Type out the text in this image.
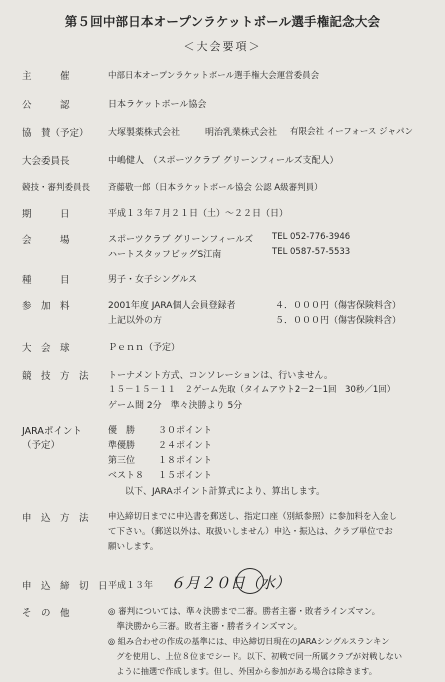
第５回中部日本オープンラケットボール選手権記念大会
＜大会要項＞
主　　　催	中部日本オープンラケットボール選手権大会運営委員会
公　　　認	日本ラケットボール協会
協　賛（予定） 大塚製薬株式会社	明治乳業株式会社 有限会社 イーフォース ジャパン
大会委員長	中嶋健人　（スポーツクラブ グリーンフィールズ支配人）
競技・審判委員長 斉藤敬一郎（日本ラケットボール協会 公認 A級審判員）
期　　　日	平成１３年７月２１日（土）～２２日（日）
会　　　場	スポーツクラブ グリーンフィールズ TEL 052-776-3946
ハートスタッフビッグS江南	TEL 0587-57-5533
種　　　目	男子・女子シングルス
参　加　料	2001年度 JARA個人会員登録者	４．０００円（傷害保険料含）
上記以外の方	５．０００円（傷害保険料含）
大　会　球	Ｐｅｎｎ（予定）
競　技　方　法 トーナメント方式、コンソレーションは、行いません。
１５－１５－１１　２ゲーム先取（タイムアウト2－2－1回　30秒／1回）
ゲーム間 2分　準々決勝より 5分
JARAポイント
（予定）
優　勝	３０ポイント
準優勝	２４ポイント
第三位	１８ポイント
ベスト８ １５ポイント
以下、JARAポイント計算式により、算出します。
申　込　方　法 申込締切日までに申込書を郵送し、指定口座（別紙参照）に参加料を入金し
て下さい。（郵送以外は、取扱いしません）申込・振込は、クラブ単位でお
願いします。
申　込　締　切　日 平成１３年 ６月２０日（水）
そ　の　他	◎ 審判については、準々決勝まで二審。勝者主審・敗者ラインズマン。
　準決勝から三審。敗者主審・勝者ラインズマン。
◎ 組み合わせの作成の基準には、申込締切日現在のJARAシングルスランキン
　グを使用し、上位８位までシード。以下、初戦で同一所属クラブが対戦しない
　ように抽選で作成します。但し、外国から参加がある場合は除きます。
